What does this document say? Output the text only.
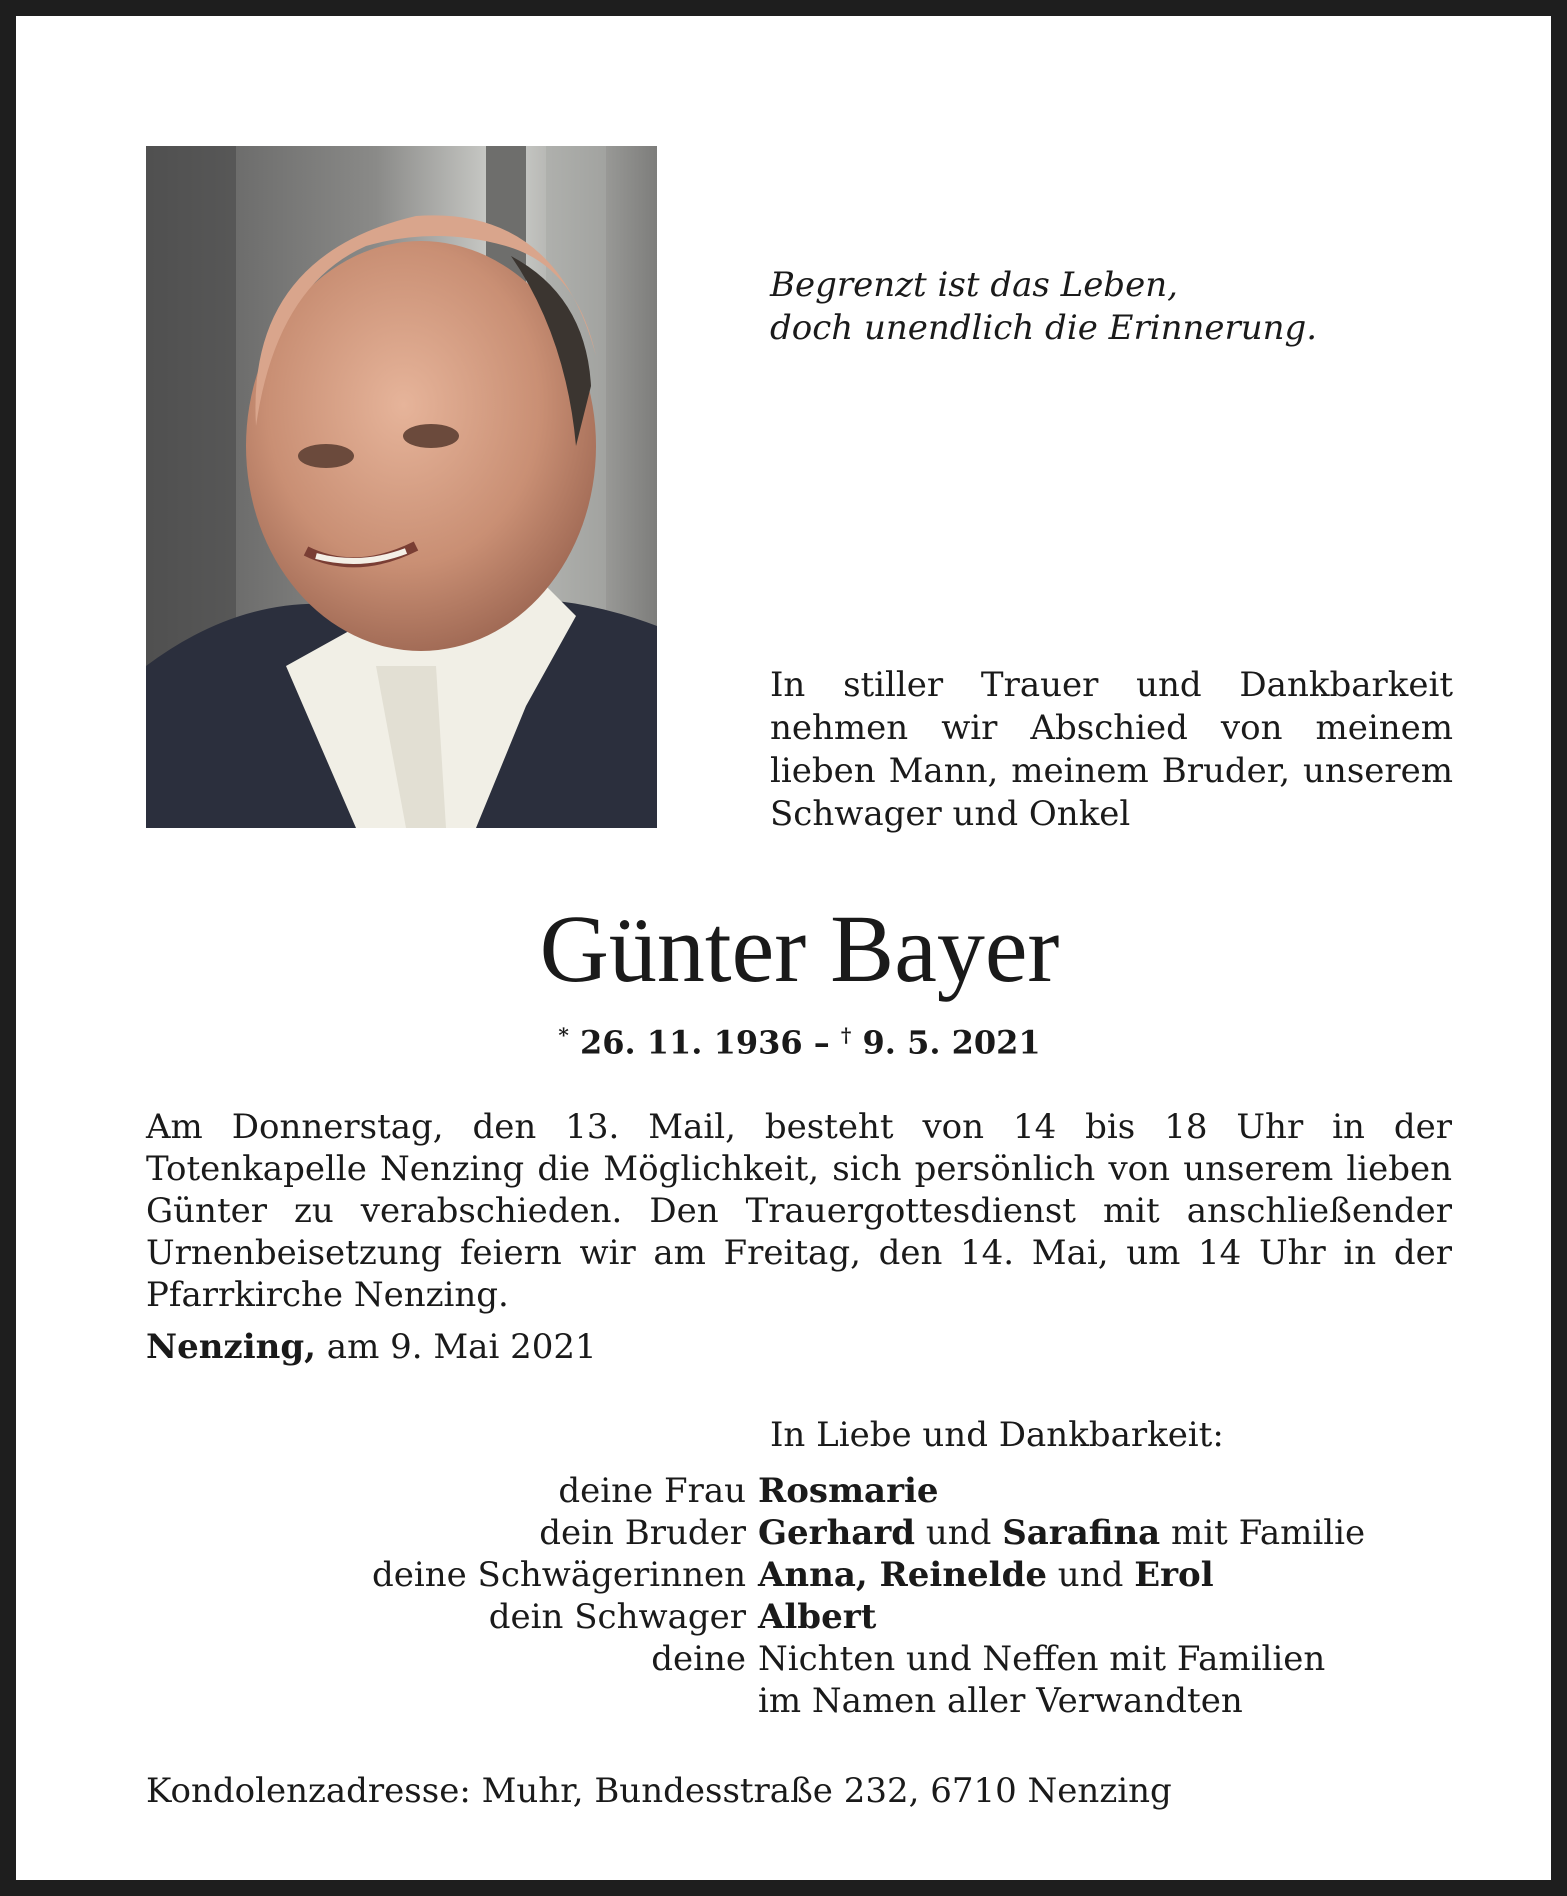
Begrenzt ist das Leben,
doch unendlich die Erinnerung.
In stiller Trauer und Dankbarkeit nehmen wir Abschied von meinem lieben Mann, meinem Bruder, unserem Schwager und Onkel
Günter Bayer
* 26. 11. 1936 – † 9. 5. 2021
Am Donnerstag, den 13. Mail, besteht von 14 bis 18 Uhr in der Totenkapelle Nenzing die Möglichkeit, sich persönlich von unserem lieben Günter zu verabschieden. Den Trauergottesdienst mit anschließender Urnenbeisetzung feiern wir am Freitag, den 14. Mai, um 14 Uhr in der Pfarrkirche Nenzing.
Nenzing, am 9. Mai 2021
In Liebe und Dankbarkeit:
deine Frau Rosmarie
dein Bruder Gerhard und Sarafina mit Familie
deine Schwägerinnen Anna, Reinelde und Erol
dein Schwager Albert
deine Nichten und Neffen mit Familien
im Namen aller Verwandten
Kondolenzadresse: Muhr, Bundesstraße 232, 6710 Nenzing
